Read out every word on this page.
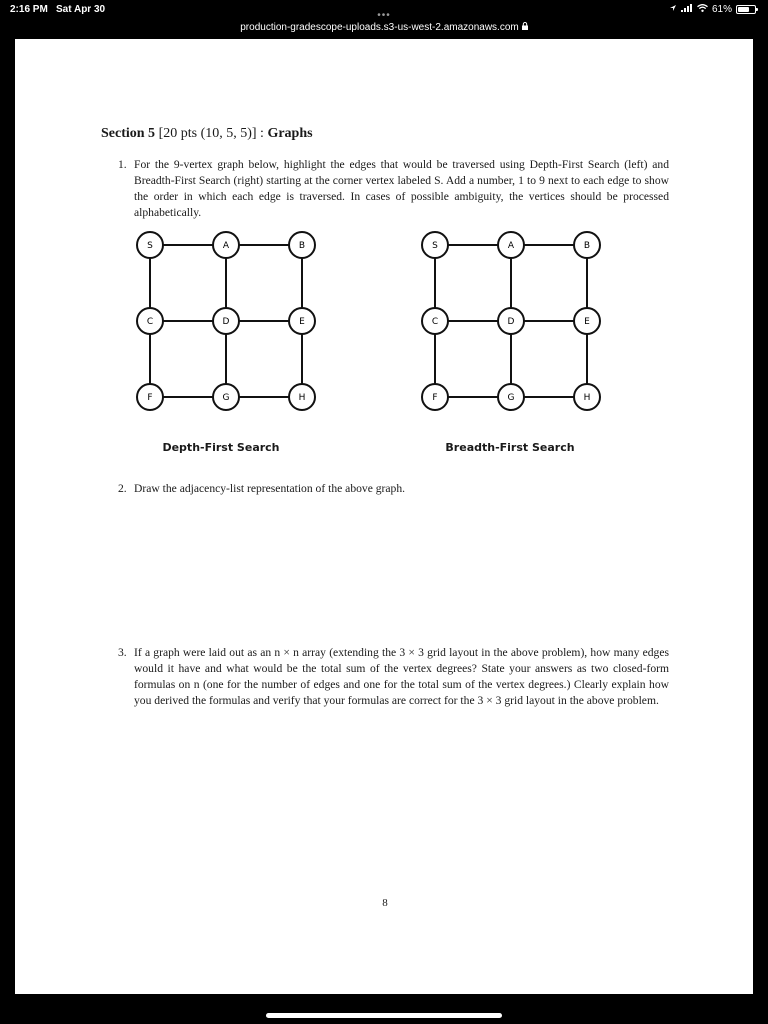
2:16 PM Sat Apr 30	61%
•••
production-gradescope-uploads.s3-us-west-2.amazonaws.com

Section 5 [20 pts (10, 5, 5)] : Graphs

1. For the 9-vertex graph below, highlight the edges that would be traversed using Depth-First Search (left) and Breadth-First Search (right) starting at the corner vertex labeled S. Add a number, 1 to 9 next to each edge to show the order in which each edge is traversed. In cases of possible ambiguity, the vertices should be processed alphabetically.
S	A	B
C	D	E
F	G	H
S	A	B
C	D	E
F	G	H
Depth-First Search	Breadth-First Search
2. Draw the adjacency-list representation of the above graph.
3. If a graph were laid out as an n × n array (extending the 3 × 3 grid layout in the above problem), how many edges would it have and what would be the total sum of the vertex degrees? State your answers as two closed-form formulas on n (one for the number of edges and one for the total sum of the vertex degrees.) Clearly explain how you derived the formulas and verify that your formulas are correct for the 3 × 3 grid layout in the above problem.
8
